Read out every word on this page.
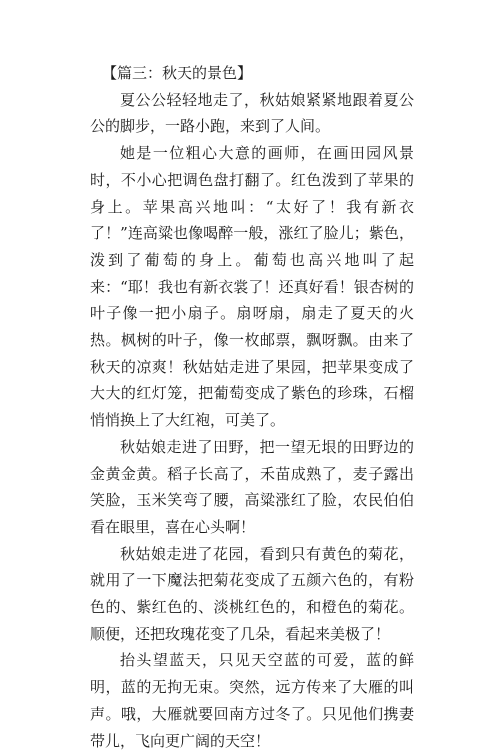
【篇三：秋天的景色】

夏公公轻轻地走了，秋姑娘紧紧地跟着夏公公的脚步，一路小跑，来到了人间。

她是一位粗心大意的画师，在画田园风景时，不小心把调色盘打翻了。红色泼到了苹果的身上。苹果高兴地叫：“太好了！我有新衣了！”连高粱也像喝醉一般，涨红了脸儿；紫色，泼到了葡萄的身上。葡萄也高兴地叫了起来：“耶！我也有新衣裳了！还真好看！银杏树的叶子像一把小扇子。扇呀扇，扇走了夏天的火热。枫树的叶子，像一枚邮票，飘呀飘。由来了秋天的凉爽！秋姑姑走进了果园，把苹果变成了大大的红灯笼，把葡萄变成了紫色的珍珠，石榴悄悄换上了大红袍，可美了。

秋姑娘走进了田野，把一望无垠的田野边的金黄金黄。稻子长高了，禾苗成熟了，麦子露出笑脸，玉米笑弯了腰，高粱涨红了脸，农民伯伯看在眼里，喜在心头啊！

秋姑娘走进了花园，看到只有黄色的菊花，就用了一下魔法把菊花变成了五颜六色的，有粉色的、紫红色的、淡桃红色的，和橙色的菊花。顺便，还把玫瑰花变了几朵，看起来美极了！

抬头望蓝天，只见天空蓝的可爱，蓝的鲜明，蓝的无拘无束。突然，远方传来了大雁的叫声。哦，大雁就要回南方过冬了。只见他们携妻带儿，飞向更广阔的天空！
